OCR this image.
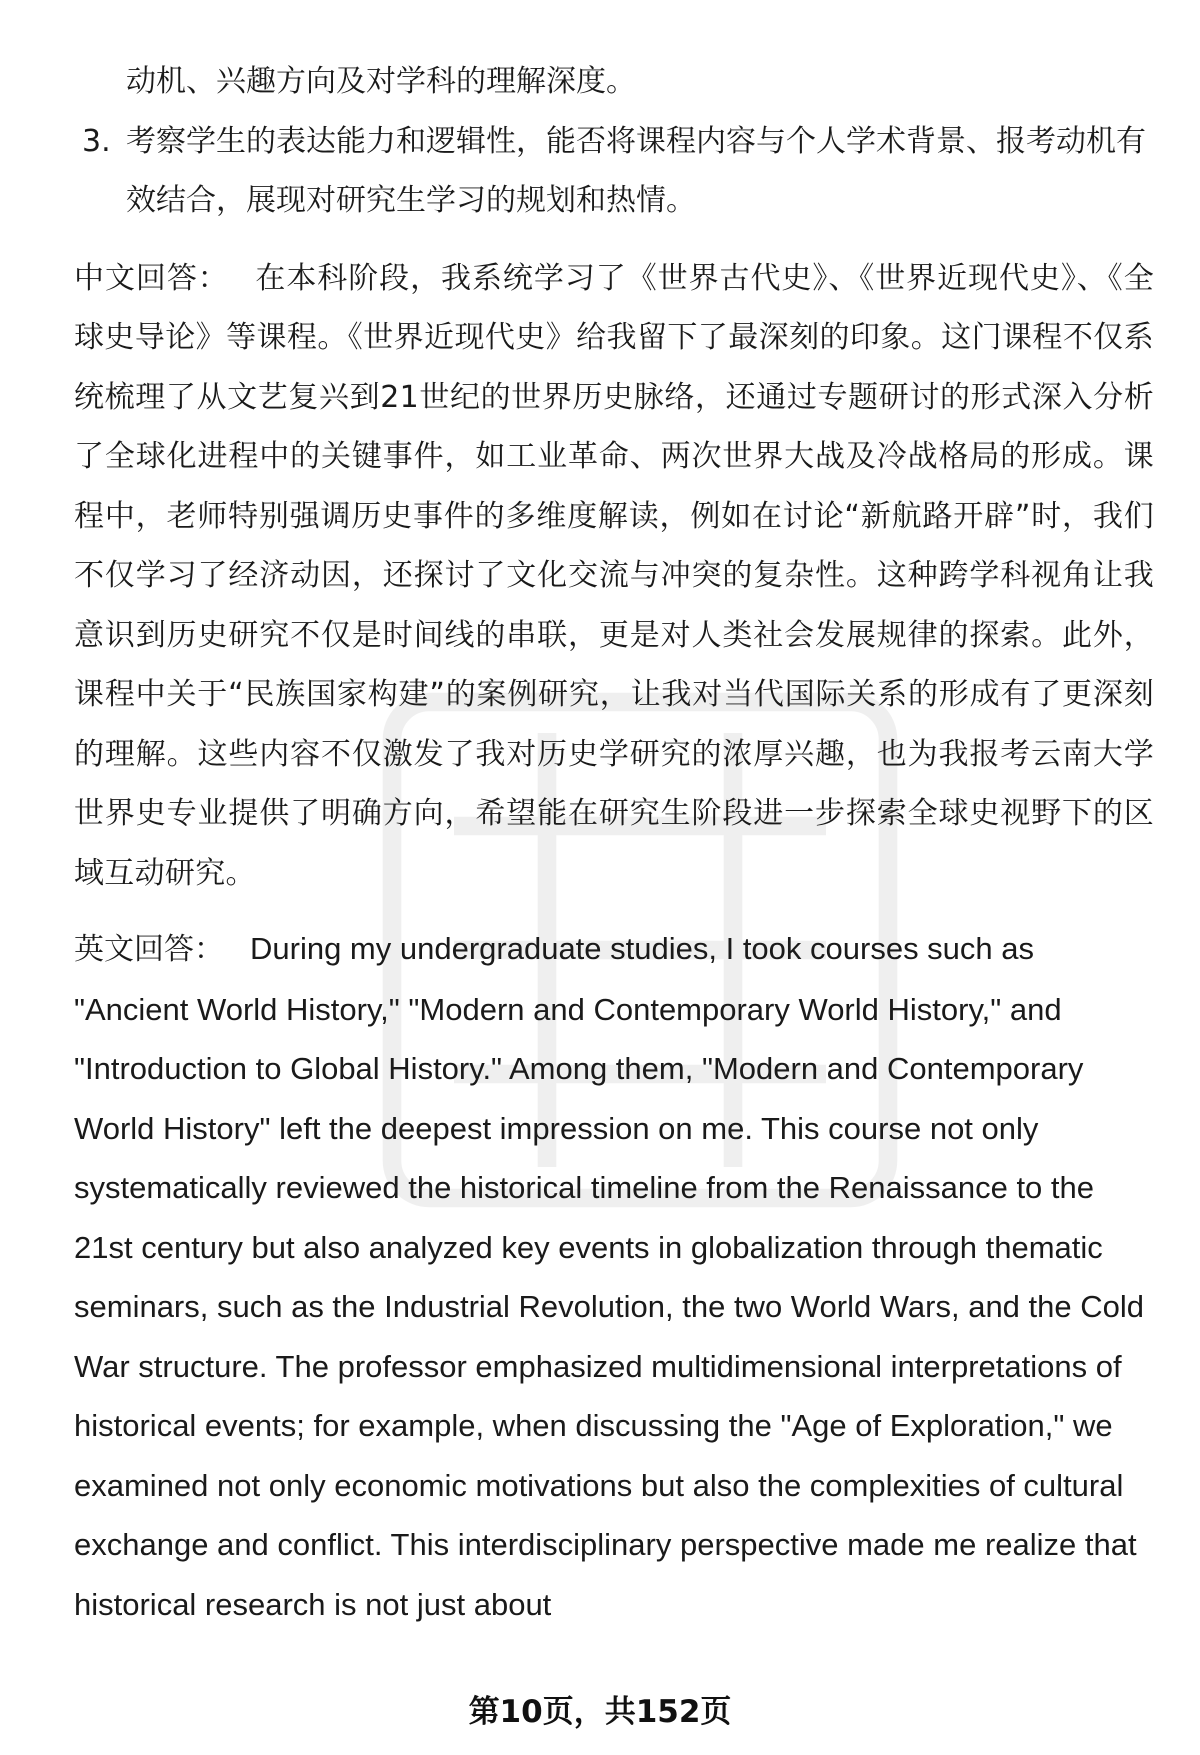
动机、兴趣方向及对学科的理解深度。
3. 考察学生的表达能力和逻辑性，能否将课程内容与个人学术背景、报考动机有效结合，展现对研究生学习的规划和热情。
中文回答： 在本科阶段，我系统学习了《世界古代史》、《世界近现代史》、《全球史导论》等课程。《世界近现代史》给我留下了最深刻的印象。这门课程不仅系统梳理了从文艺复兴到21世纪的世界历史脉络，还通过专题研讨的形式深入分析了全球化进程中的关键事件，如工业革命、两次世界大战及冷战格局的形成。课程中，老师特别强调历史事件的多维度解读，例如在讨论“新航路开辟”时，我们不仅学习了经济动因，还探讨了文化交流与冲突的复杂性。这种跨学科视角让我意识到历史研究不仅是时间线的串联，更是对人类社会发展规律的探索。此外，课程中关于“民族国家构建”的案例研究，让我对当代国际关系的形成有了更深刻的理解。这些内容不仅激发了我对历史学研究的浓厚兴趣，也为我报考云南大学世界史专业提供了明确方向，希望能在研究生阶段进一步探索全球史视野下的区域互动研究。
英文回答： During my undergraduate studies, I took courses such as "Ancient World History," "Modern and Contemporary World History," and "Introduction to Global History." Among them, "Modern and Contemporary World History" left the deepest impression on me. This course not only systematically reviewed the historical timeline from the Renaissance to the 21st century but also analyzed key events in globalization through thematic seminars, such as the Industrial Revolution, the two World Wars, and the Cold War structure. The professor emphasized multidimensional interpretations of historical events; for example, when discussing the "Age of Exploration," we examined not only economic motivations but also the complexities of cultural exchange and conflict. This interdisciplinary perspective made me realize that historical research is not just about
第10页，共152页
